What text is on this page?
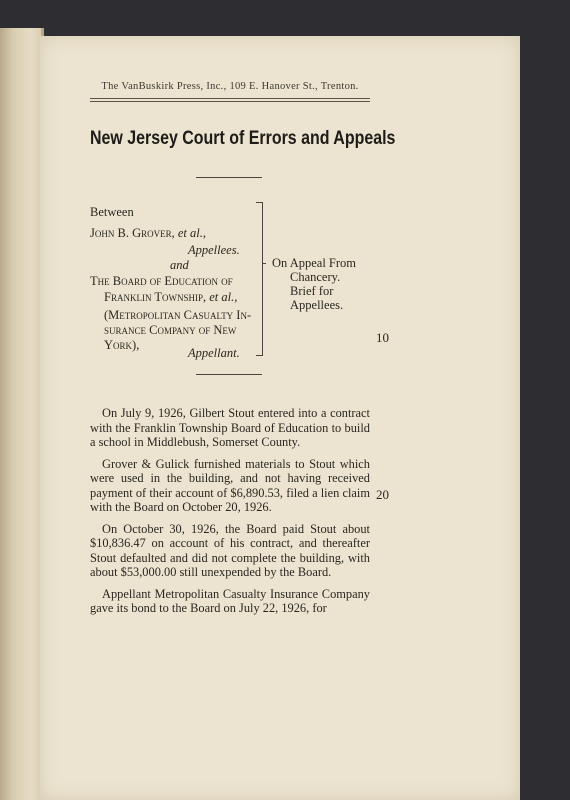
The VanBuskirk Press, Inc., 109 E. Hanover St., Trenton.
New Jersey Court of Errors and Appeals
Between
John B. Grover, et al.,
Appellees.
and
The Board of Education of
Franklin Township, et al.,
(Metropolitan Casualty In-
surance Company of New
York),
Appellant.
On Appeal From
Chancery.
Brief for
Appellees.
10

On July 9, 1926, Gilbert Stout entered into a contract with the Franklin Township Board of Education to build a school in Middlebush, Somerset County.

Grover & Gulick furnished materials to Stout which were used in the building, and not having received payment of their account of $6,890.53, filed a lien claim with the Board on October 20, 1926.

On October 30, 1926, the Board paid Stout about $10,836.47 on account of his contract, and thereafter Stout defaulted and did not complete the building, with about $53,000.00 still unexpended by the Board.

Appellant Metropolitan Casualty Insurance Company gave its bond to the Board on July 22, 1926, for

20
